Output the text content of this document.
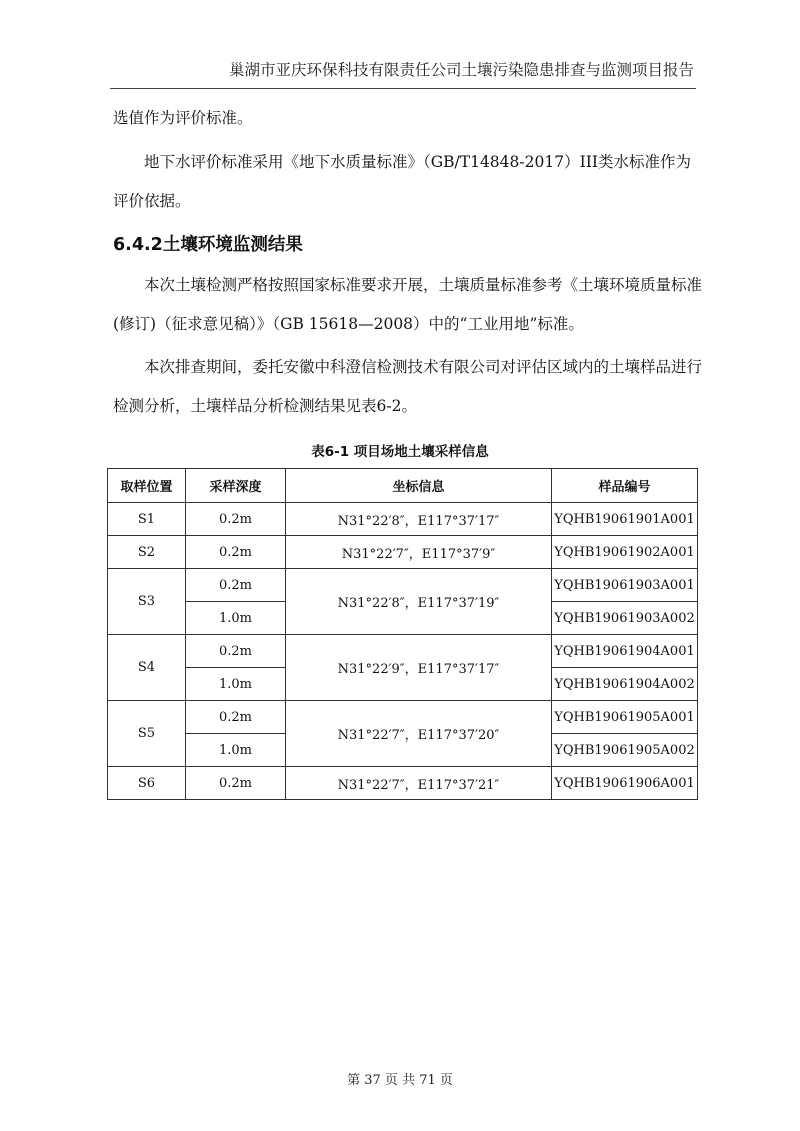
巢湖市亚庆环保科技有限责任公司土壤污染隐患排查与监测项目报告

选值作为评价标准。

地下水评价标准采用《地下水质量标准》（GB/T14848-2017）III类水标准作为评价依据。

6.4.2土壤环境监测结果

本次土壤检测严格按照国家标准要求开展，土壤质量标准参考《土壤环境质量标准(修订)（征求意见稿）》（GB 15618—2008）中的“工业用地”标准。

本次排查期间，委托安徽中科澄信检测技术有限公司对评估区域内的土壤样品进行检测分析，土壤样品分析检测结果见表6-2。

表6-1 项目场地土壤采样信息
取样位置	采样深度	坐标信息	样品编号
S1	0.2m	N31°22′8″，E117°37′17″	YQHB19061901A001
S2	0.2m	N31°22′7″，E117°37′9″	YQHB19061902A001
S3	0.2m	N31°22′8″，E117°37′19″	YQHB19061903A001
	1.0m		YQHB19061903A002
S4	0.2m	N31°22′9″，E117°37′17″	YQHB19061904A001
	1.0m		YQHB19061904A002
S5	0.2m	N31°22′7″，E117°37′20″	YQHB19061905A001
	1.0m		YQHB19061905A002
S6	0.2m	N31°22′7″，E117°37′21″	YQHB19061906A001
第 37 页 共 71 页
